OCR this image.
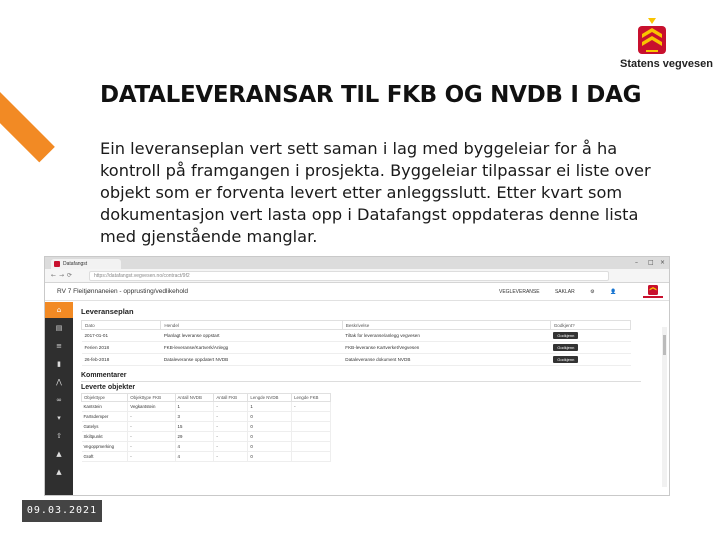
Statens vegvesen
DATALEVERANSAR TIL FKB OG NVDB I DAG
Ein leveranseplan vert sett saman i lag med byggeleiar for å ha kontroll på framgangen i prosjekta. Byggeleiar tilpassar ei liste over objekt som er forventa levert etter anleggsslutt. Etter kvart som dokumentasjon vert lasta opp i Datafangst oppdateras denne lista med gjenstående manglar.
Datafangst	– □ ×
←→⟳	https://datafangst.vegvesen.no/contract/9f2
RV 7 Fleitjønnaneien - opprusting/vedlikehold	VEGLEVERANSE	SAKLAR	⚙	👤
⌂
▤
≡
▮
⋀
∞
▾
⇧
▲
▲
Leveranseplan
Dato	Hendel	Beskrivelse	Godkjent?
2017-01-01	Planlagt leveranse oppstart	Tiltak for leveranse/anlegg vegvesen	Godkjenn
Ferien 2018	FKB-leveranse/Kartverk/Anlegg	FKB-leveranse Kartverket/Vegvesen	Godkjenn
26-feb-2018	Dataleveranse oppdatert NVDB	Dataleveranse dokument NVDB	Godkjenn
Kommentarer
Leverte objekter
Objekttype	Objekttype FKB	Antall NVDB	Antall FKB	Lengde NVDB	Lengde FKB
Kantstein	Vegkantstein	1	-	1	-
Fartsdemper	-	3	-	0	
Gatelys	-	15	-	0	
Skiltpunkt	-	29	-	0	
Vegoppmerking	-	4	-	0	
Grøft	-	4	-	0	
09.03.2021
